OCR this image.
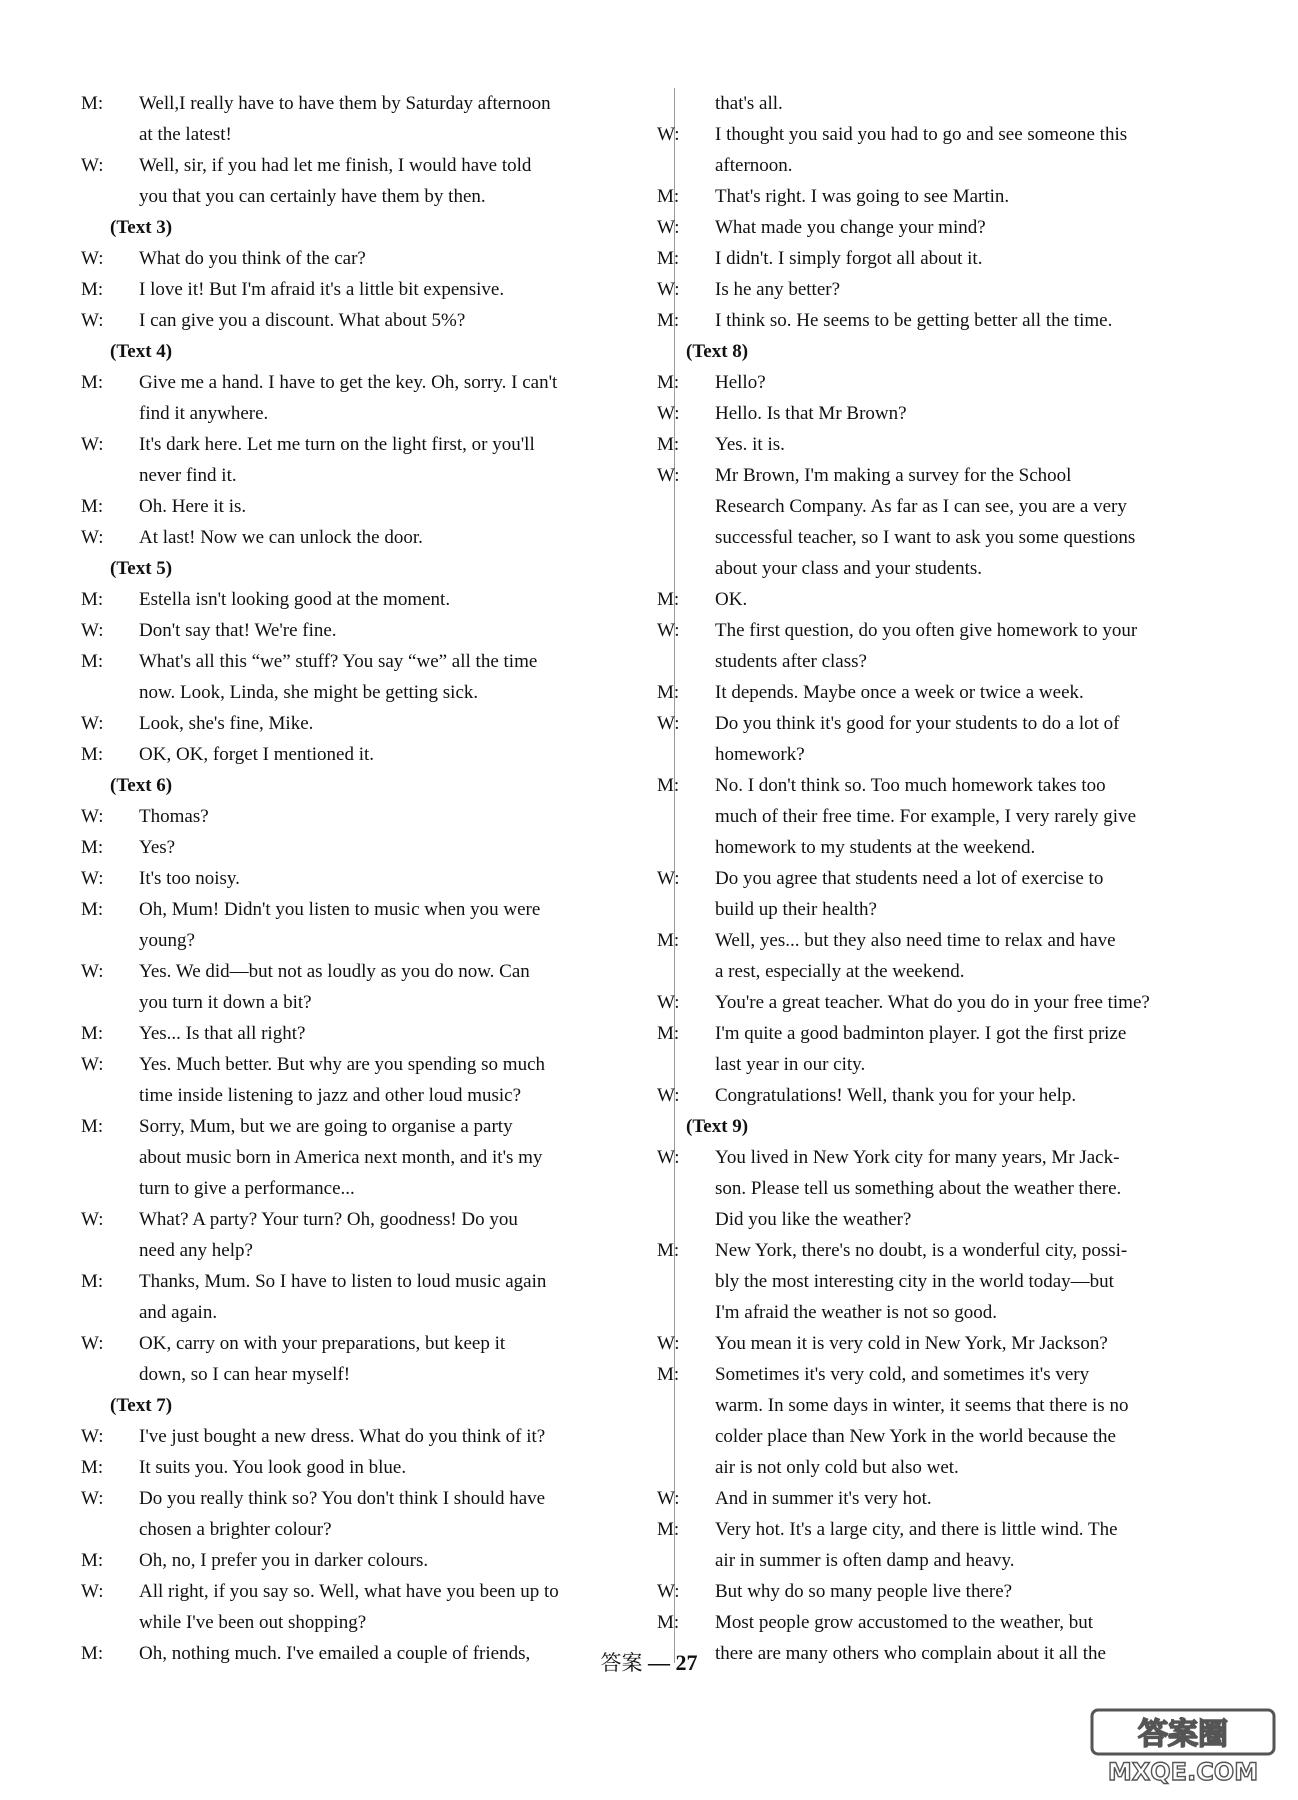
M: Well,I really have to have them by Saturday afternoon
at the latest!
W: Well, sir, if you had let me finish, I would have told
you that you can certainly have them by then.
(Text 3)
W: What do you think of the car?
M: I love it! But I'm afraid it's a little bit expensive.
W: I can give you a discount. What about 5%?
(Text 4)
M: Give me a hand. I have to get the key. Oh, sorry. I can't
find it anywhere.
W: It's dark here. Let me turn on the light first, or you'll
never find it.
M: Oh. Here it is.
W: At last! Now we can unlock the door.
(Text 5)
M: Estella isn't looking good at the moment.
W: Don't say that! We're fine.
M: What's all this “we” stuff? You say “we” all the time
now. Look, Linda, she might be getting sick.
W: Look, she's fine, Mike.
M: OK, OK, forget I mentioned it.
(Text 6)
W: Thomas?
M: Yes?
W: It's too noisy.
M: Oh, Mum! Didn't you listen to music when you were
young?
W: Yes. We did—but not as loudly as you do now. Can
you turn it down a bit?
M: Yes... Is that all right?
W: Yes. Much better. But why are you spending so much
time inside listening to jazz and other loud music?
M: Sorry, Mum, but we are going to organise a party
about music born in America next month, and it's my
turn to give a performance...
W: What? A party? Your turn? Oh, goodness! Do you
need any help?
M: Thanks, Mum. So I have to listen to loud music again
and again.
W: OK, carry on with your preparations, but keep it
down, so I can hear myself!
(Text 7)
W: I've just bought a new dress. What do you think of it?
M: It suits you. You look good in blue.
W: Do you really think so? You don't think I should have
chosen a brighter colour?
M: Oh, no, I prefer you in darker colours.
W: All right, if you say so. Well, what have you been up to
while I've been out shopping?
M: Oh, nothing much. I've emailed a couple of friends,
that's all.
W: I thought you said you had to go and see someone this
afternoon.
M: That's right. I was going to see Martin.
W: What made you change your mind?
M: I didn't. I simply forgot all about it.
W: Is he any better?
M: I think so. He seems to be getting better all the time.
(Text 8)
M: Hello?
W: Hello. Is that Mr Brown?
M: Yes. it is.
W: Mr Brown, I'm making a survey for the School
Research Company. As far as I can see, you are a very
successful teacher, so I want to ask you some questions
about your class and your students.
M: OK.
W: The first question, do you often give homework to your
students after class?
M: It depends. Maybe once a week or twice a week.
W: Do you think it's good for your students to do a lot of
homework?
M: No. I don't think so. Too much homework takes too
much of their free time. For example, I very rarely give
homework to my students at the weekend.
W: Do you agree that students need a lot of exercise to
build up their health?
M: Well, yes... but they also need time to relax and have
a rest, especially at the weekend.
W: You're a great teacher. What do you do in your free time?
M: I'm quite a good badminton player. I got the first prize
last year in our city.
W: Congratulations! Well, thank you for your help.
(Text 9)
W: You lived in New York city for many years, Mr Jack-
son. Please tell us something about the weather there.
Did you like the weather?
M: New York, there's no doubt, is a wonderful city, possi-
bly the most interesting city in the world today—but
I'm afraid the weather is not so good.
W: You mean it is very cold in New York, Mr Jackson?
M: Sometimes it's very cold, and sometimes it's very
warm. In some days in winter, it seems that there is no
colder place than New York in the world because the
air is not only cold but also wet.
W: And in summer it's very hot.
M: Very hot. It's a large city, and there is little wind. The
air in summer is often damp and heavy.
W: But why do so many people live there?
M: Most people grow accustomed to the weather, but
there are many others who complain about it all the
答案 — 27
答案圈
MXQE.COM
